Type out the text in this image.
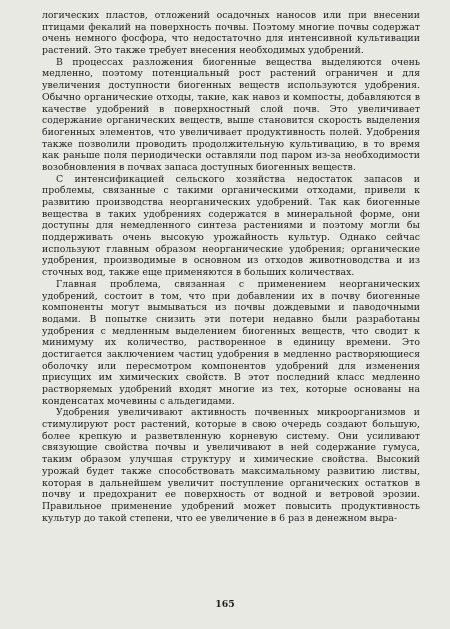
логических пластов, отложений осадочных наносов или при внесении птицами фекалий на поверхность почвы. Поэтому многие почвы содержат очень немного фосфора, что недостаточно для интенсивной культивации растений. Это также требует внесения необходимых удобрений.

В процессах разложения биогенные вещества выделяются очень медленно, поэтому потенциальный рост растений ограничен и для увеличения доступности биогенных веществ используются удобрения. Обычно органические отходы, такие, как навоз и компосты, добавляются в качестве удобрений в поверхностный слой почв. Это увеличивает содержание органических веществ, выше становится скорость выделения биогенных элементов, что увеличивает продуктивность полей. Удобрения также позволили проводить продолжительную культивацию, в то время как раньше поля периодически оставляли под паром из-за необходимости возобновления в почвах запаса доступных биогенных веществ.

С интенсификацией сельского хозяйства недостаток запасов и проблемы, связанные с такими органическими отходами, привели к развитию производства неорганических удобрений. Так как биогенные вещества в таких удобрениях содержатся в минеральной форме, они доступны для немедленного синтеза растениями и поэтому могли бы поддерживать очень высокую урожайность культур. Однако сейчас используют главным образом неорганические удобрения; органические удобрения, производимые в основном из отходов животноводства и из сточных вод, также еще применяются в больших количествах.

Главная проблема, связанная с применением неорганических удобрений, состоит в том, что при добавлении их в почву биогенные компоненты могут вымываться из почвы дождевыми и паводочными водами. В попытке снизить эти потери недавно были разработаны удобрения с медленным выделением биогенных веществ, что сводит к минимуму их количество, растворенное в единицу времени. Это достигается заключением частиц удобрения в медленно растворяющиеся оболочку или пересмотром компонентов удобрений для изменения присущих им химических свойств. В этот последний класс медленно растворяемых удобрений входят многие из тех, которые основаны на конденсатах мочевины с альдегидами.

Удобрения увеличивают активность почвенных микроорганизмов и стимулируют рост растений, которые в свою очередь создают большую, более крепкую и разветвленную корневую систему. Они усиливают связующие свойства почвы и увеличивают в ней содержание гумуса, таким образом улучшая структуру и химические свойства. Высокий урожай будет также способствовать максимальному развитию листвы, которая в дальнейшем увеличит поступление органических остатков в почву и предохранит ее поверхность от водной и ветровой эрозии. Правильное применение удобрений может повысить продуктивность культур до такой степени, что ее увеличение в 6 раз в денежном выра-

165
